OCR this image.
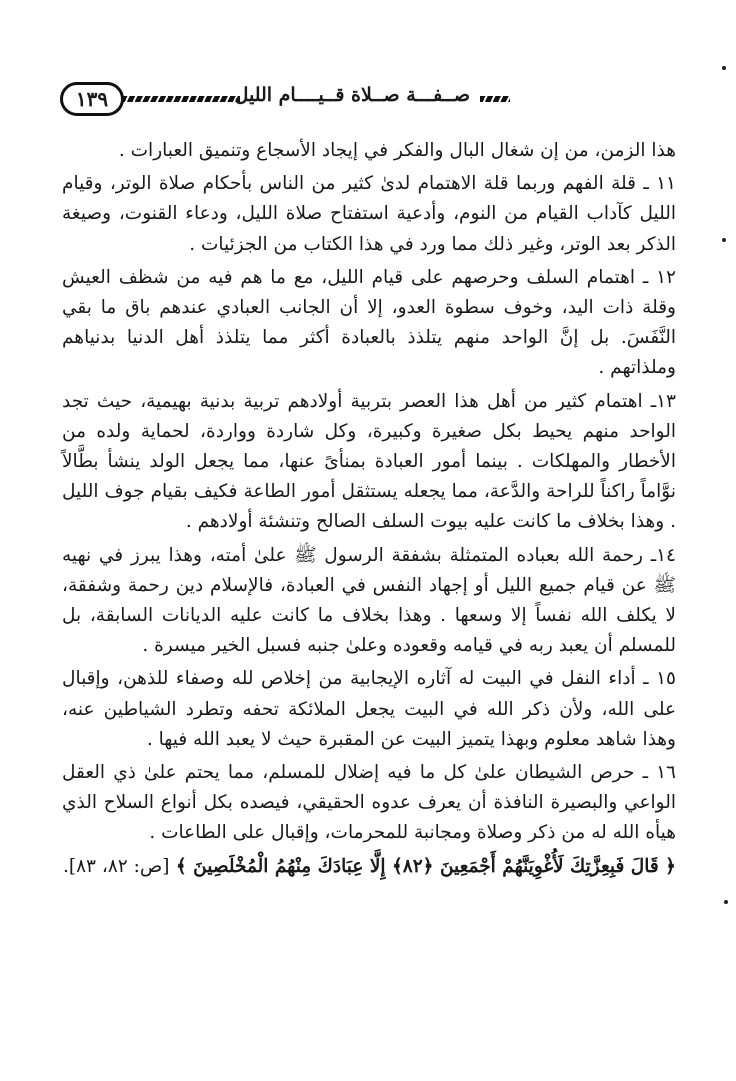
١٣٩	صــفـــة صــلاة قــيــــام الليل

هذا الزمن، من إن شغال البال والفكر في إيجاد الأسجاع وتنميق العبارات .

١١ ـ قلة الفهم وربما قلة الاهتمام لدىٰ كثير من الناس بأحكام صلاة الوتر، وقيام الليل كآداب القيام من النوم، وأدعية استفتاح صلاة الليل، ودعاء القنوت، وصيغة الذكر بعد الوتر، وغير ذلك مما ورد في هذا الكتاب من الجزئيات .

١٢ ـ اهتمام السلف وحرصهم على قيام الليل، مع ما هم فيه من شظف العيش وقلة ذات اليد، وخوف سطوة العدو، إلا أن الجانب العبادي عندهم باق ما بقي النَّفَسَ. بل إنَّ الواحد منهم يتلذذ بالعبادة أكثر مما يتلذذ أهل الدنيا بدنياهم وملذاتهم .

١٣ـ اهتمام كثير من أهل هذا العصر بتربية أولادهم تربية بدنية بهيمية، حيث تجد الواحد منهم يحيط بكل صغيرة وكبيرة، وكل شاردة وواردة، لحماية ولده من الأخطار والمهلكات . بينما أمور العبادة بمنأىً عنها، مما يجعل الولد ينشأ بطَّالاً نوَّاماً راكناً للراحة والدَّعة، مما يجعله يستثقل أمور الطاعة فكيف بقيام جوف الليل . وهذا بخلاف ما كانت عليه بيوت السلف الصالح وتنشئة أولادهم .

١٤ـ رحمة الله بعباده المتمثلة بشفقة الرسول ﷺ علىٰ أمته، وهذا يبرز في نهيه ﷺ عن قيام جميع الليل أو إجهاد النفس في العبادة، فالإسلام دين رحمة وشفقة، لا يكلف الله نفساً إلا وسعها . وهذا بخلاف ما كانت عليه الديانات السابقة، بل للمسلم أن يعبد ربه في قيامه وقعوده وعلىٰ جنبه فسبل الخير ميسرة .

١٥ ـ أداء النفل في البيت له آثاره الإيجابية من إخلاص لله وصفاء للذهن، وإقبال على الله، ولأن ذكر الله في البيت يجعل الملائكة تحفه وتطرد الشياطين عنه، وهذا شاهد معلوم وبهذا يتميز البيت عن المقبرة حيث لا يعبد الله فيها .

١٦ ـ حرص الشيطان علىٰ كل ما فيه إضلال للمسلم، مما يحتم علىٰ ذي العقل الواعي والبصيرة النافذة أن يعرف عدوه الحقيقي، فيصده بكل أنواع السلاح الذي هيأه الله له من ذكر وصلاة ومجانبة للمحرمات، وإقبال على الطاعات .

﴿ قَالَ فَبِعِزَّتِكَ لَأُغْوِيَنَّهُمْ أَجْمَعِينَ ﴿٨٢﴾ إِلَّا عِبَادَكَ مِنْهُمُ الْمُخْلَصِينَ ﴾ [ص: ٨٢، ٨٣].
